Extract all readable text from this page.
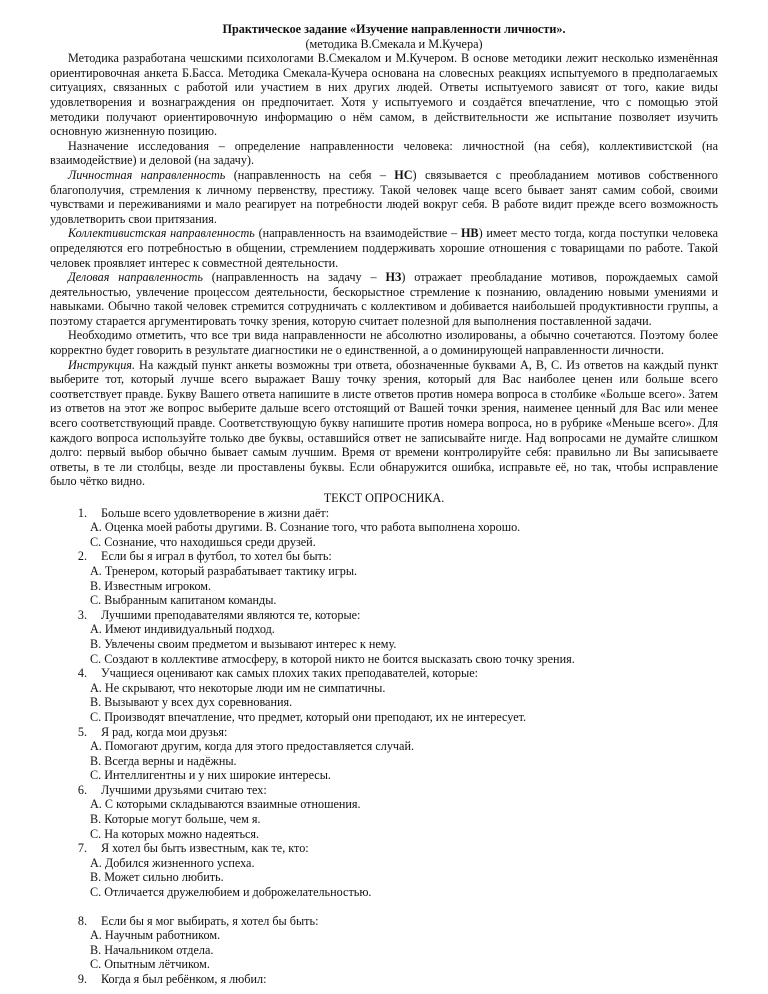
Практическое задание «Изучение направленности личности».
(методика В.Смекала и М.Кучера)

Методика разработана чешскими психологами В.Смекалом и М.Кучером. В основе методики лежит несколько изменённая ориентировочная анкета Б.Басса. Методика Смекала-Кучера основана на словесных реакциях испытуемого в предполагаемых ситуациях, связанных с работой или участием в них других людей. Ответы испытуемого зависят от того, какие виды удовлетворения и вознаграждения он предпочитает. Хотя у испытуемого и создаётся впечатление, что с помощью этой методики получают ориентировочную информацию о нём самом, в действительности же испытание позволяет изучить основную жизненную позицию.

Назначение исследования – определение направленности человека: личностной (на себя), коллективистской (на взаимодействие) и деловой (на задачу).

Личностная направленность (направленность на себя – НС) связывается с преобладанием мотивов собственного благополучия, стремления к личному первенству, престижу. Такой человек чаще всего бывает занят самим собой, своими чувствами и переживаниями и мало реагирует на потребности людей вокруг себя. В работе видит прежде всего возможность удовлетворить свои притязания.

Коллективистская направленность (направленность на взаимодействие – НВ) имеет место тогда, когда поступки человека определяются его потребностью в общении, стремлением поддерживать хорошие отношения с товарищами по работе. Такой человек проявляет интерес к совместной деятельности.

Деловая направленность (направленность на задачу – НЗ) отражает преобладание мотивов, порождаемых самой деятельностью, увлечение процессом деятельности, бескорыстное стремление к познанию, овладению новыми умениями и навыками. Обычно такой человек стремится сотрудничать с коллективом и добивается наибольшей продуктивности группы, а поэтому старается аргументировать точку зрения, которую считает полезной для выполнения поставленной задачи.

Необходимо отметить, что все три вида направленности не абсолютно изолированы, а обычно сочетаются. Поэтому более корректно будет говорить в результате диагностики не о единственной, а о доминирующей направленности личности.

Инструкция. На каждый пункт анкеты возможны три ответа, обозначенные буквами А, В, С. Из ответов на каждый пункт выберите тот, который лучше всего выражает Вашу точку зрения, который для Вас наиболее ценен или больше всего соответствует правде. Букву Вашего ответа напишите в листе ответов против номера вопроса в столбике «Больше всего». Затем из ответов на этот же вопрос выберите дальше всего отстоящий от Вашей точки зрения, наименее ценный для Вас или менее всего соответствующий правде. Соответствующую букву напишите против номера вопроса, но в рубрике «Меньше всего». Для каждого вопроса используйте только две буквы, оставшийся ответ не записывайте нигде. Над вопросами не думайте слишком долго: первый выбор обычно бывает самым лучшим. Время от времени контролируйте себя: правильно ли Вы записываете ответы, в те ли столбцы, везде ли проставлены буквы. Если обнаружится ошибка, исправьте её, но так, чтобы исправление было чётко видно.

ТЕКСТ ОПРОСНИКА.
1.	Больше всего удовлетворение в жизни даёт:
А. Оценка моей работы другими. В. Сознание того, что работа выполнена хорошо.
С. Сознание, что находишься среди друзей.
2.	Если бы я играл в футбол, то хотел бы быть:
А. Тренером, который разрабатывает тактику игры.
В. Известным игроком.
С. Выбранным капитаном команды.
3.	Лучшими преподавателями являются те, которые:
А. Имеют индивидуальный подход.
В. Увлечены своим предметом и вызывают интерес к нему.
С. Создают в коллективе атмосферу, в которой никто не боится высказать свою точку зрения.
4.	Учащиеся оценивают как самых плохих таких преподавателей, которые:
А. Не скрывают, что некоторые люди им не симпатичны.
В. Вызывают у всех дух соревнования.
С. Производят впечатление, что предмет, который они преподают, их не интересует.
5.	Я рад, когда мои друзья:
А. Помогают другим, когда для этого предоставляется случай.
В. Всегда верны и надёжны.
С. Интеллигентны и у них широкие интересы.
6.	Лучшими друзьями считаю тех:
А. С которыми складываются взаимные отношения.
В. Которые могут больше, чем я.
С. На которых можно надеяться.
7.	Я хотел бы быть известным, как те, кто:
А. Добился жизненного успеха.
В. Может сильно любить.
С. Отличается дружелюбием и доброжелательностью.
8.	Если бы я мог выбирать, я хотел бы быть:
А. Научным работником.
В. Начальником отдела.
С. Опытным лётчиком.
9.	Когда я был ребёнком, я любил:
